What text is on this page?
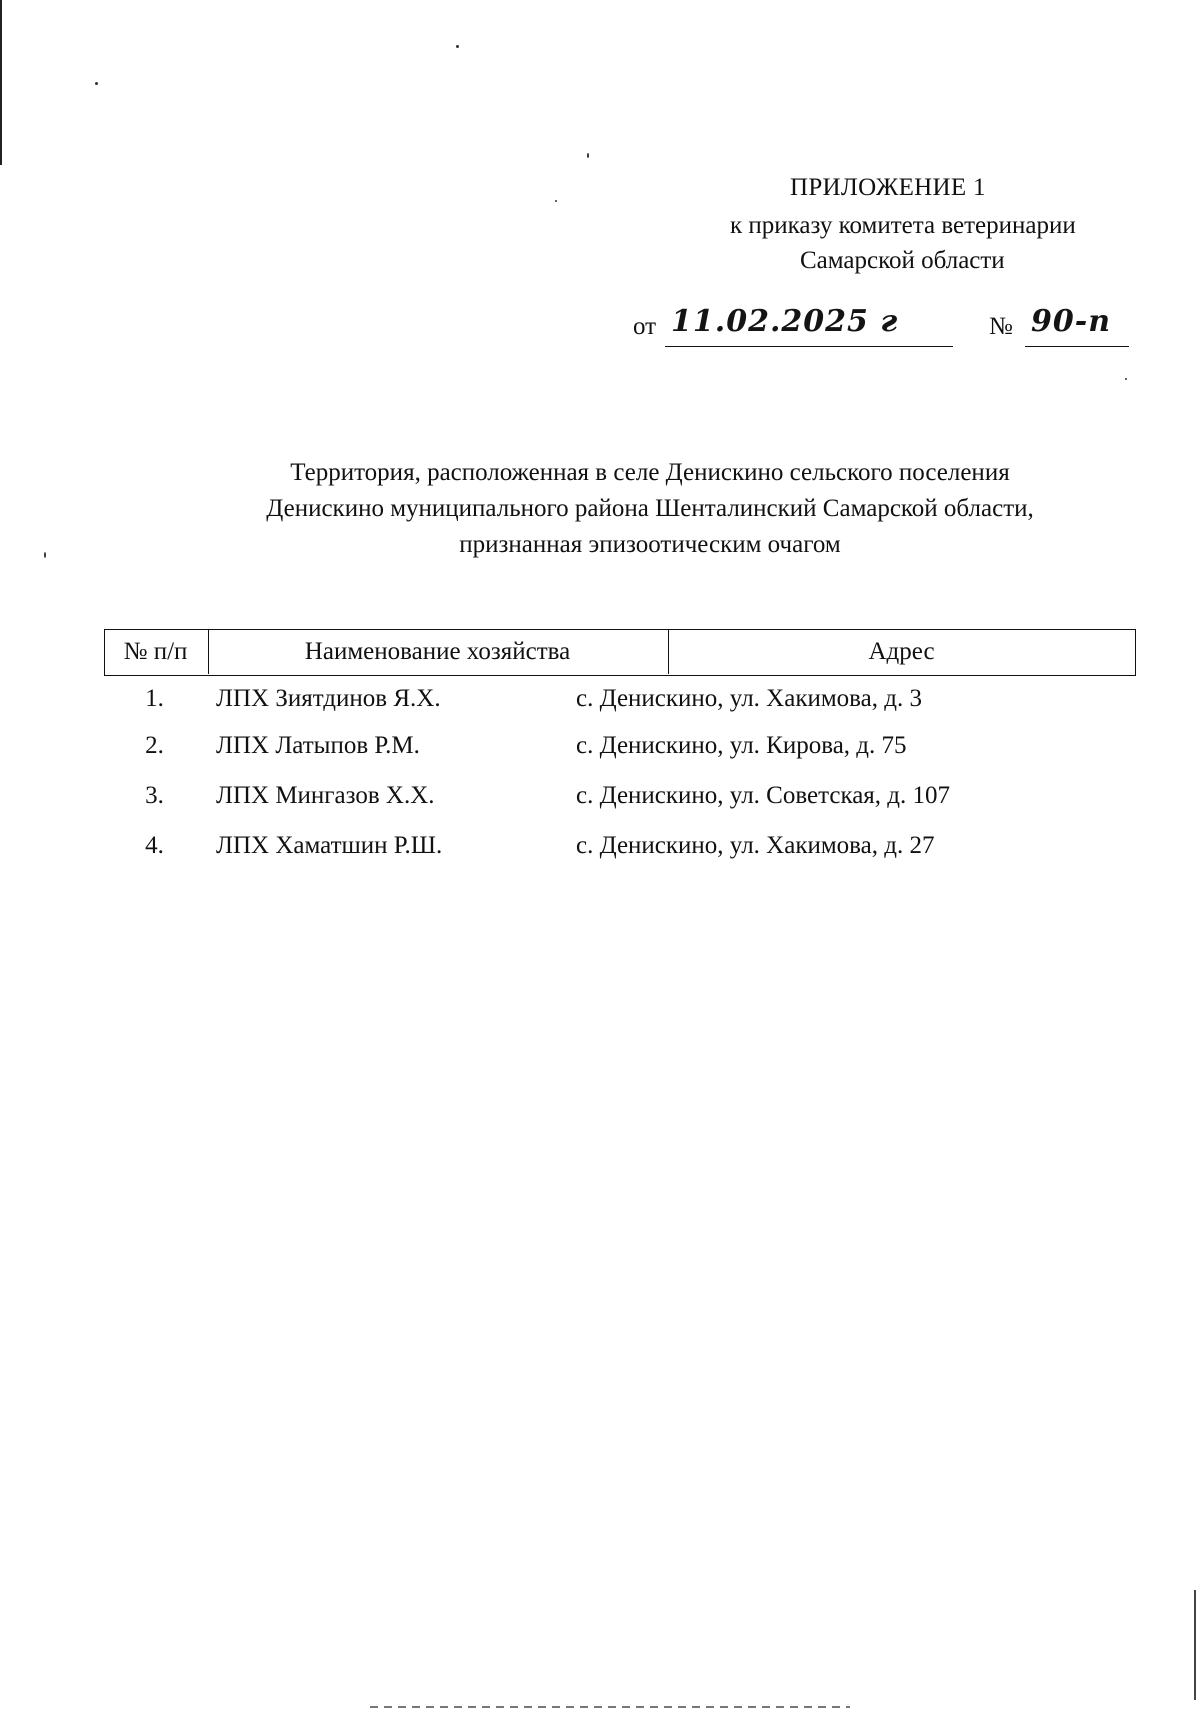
ПРИЛОЖЕНИЕ 1
к приказу комитета ветеринарии
Самарской области
от 11.02.2025 г	№ 90-п
Территория, расположенная в селе Денискино сельского поселения
Денискино муниципального района Шенталинский Самарской области,
признанная эпизоотическим очагом
№ п/п	Наименование хозяйства	Адрес
1.	ЛПХ Зиятдинов Я.Х.	с. Денискино, ул. Хакимова, д. 3
2.	ЛПХ Латыпов Р.М.	с. Денискино, ул. Кирова, д. 75
3.	ЛПХ Мингазов Х.Х.	с. Денискино, ул. Советская, д. 107
4.	ЛПХ Хаматшин Р.Ш.	с. Денискино, ул. Хакимова, д. 27
